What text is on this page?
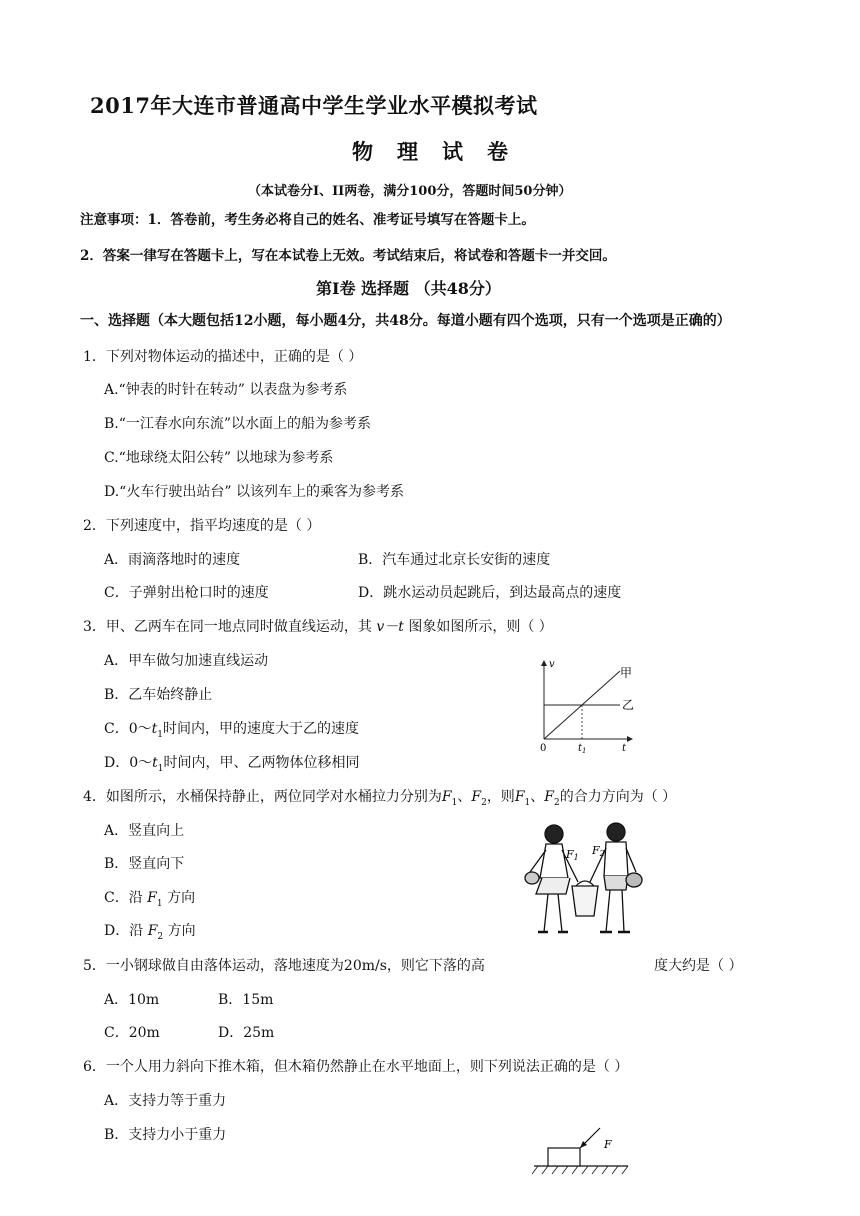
2017年大连市普通高中学生学业水平模拟考试
物理试卷
（本试卷分I、II两卷，满分100分，答题时间50分钟）
注意事项：1．答卷前，考生务必将自己的姓名、准考证号填写在答题卡上。
2．答案一律写在答题卡上，写在本试卷上无效。考试结束后，将试卷和答题卡一并交回。
第Ⅰ卷 选择题 （共48分）
一、选择题（本大题包括12小题，每小题4分，共48分。每道小题有四个选项，只有一个选项是正确的）
1．下列对物体运动的描述中，正确的是（ ）
A.“钟表的时针在转动” 以表盘为参考系
B.“一江春水向东流”以水面上的船为参考系
C.“地球绕太阳公转” 以地球为参考系
D.“火车行驶出站台” 以该列车上的乘客为参考系
2．下列速度中，指平均速度的是（ ）
A．雨滴落地时的速度	B．汽车通过北京长安街的速度
C．子弹射出枪口时的速度	D．跳水运动员起跳后，到达最高点的速度
3．甲、乙两车在同一地点同时做直线运动，其 v－t 图象如图所示，则（ ）
A．甲车做匀加速直线运动
B．乙车始终静止
C．$0\sim t_1$时间内，甲的速度大于乙的速度
D．$0\sim t_1$时间内，甲、乙两物体位移相同
v
t
0	$t_1$
甲
乙
4．如图所示，水桶保持静止，两位同学对水桶拉力分别为$F_1$、$F_2$，则$F_1$、$F_2$的合力方向为（ ）
A．竖直向上
B．竖直向下
C．沿 $F_1$ 方向
D．沿 $F_2$ 方向
F1
F2
5．一小钢球做自由落体运动，落地速度为20m/s，则它下落的高	度大约是（ ）
A．10m	B．15m
C．20m	D．25m
6．一个人用力斜向下推木箱，但木箱仍然静止在水平地面上，则下列说法正确的是（ ）
A．支持力等于重力
B．支持力小于重力
F
